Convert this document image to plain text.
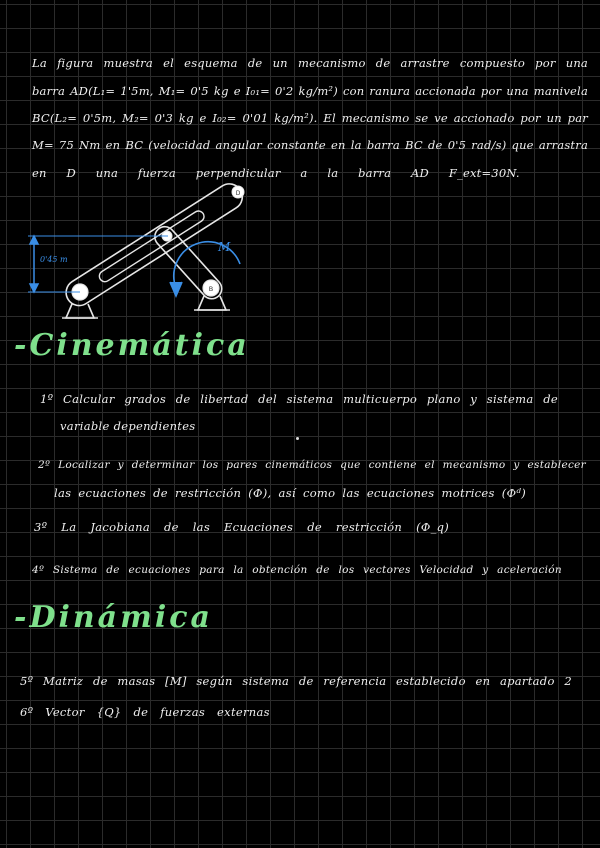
La figura muestra el esquema de un mecanismo de arrastre compuesto por una
barra AD(L₁= 1'5m, M₁= 0'5 kg e I₀₁= 0'2 kg/m²) con ranura accionada por una manivela
BC(L₂= 0'5m, M₂= 0'3 kg e I₀₂= 0'01 kg/m²). El mecanismo se ve accionado por un par
M= 75 Nm en BC (velocidad angular constante en la barra BC de 0'5 rad/s) que arrastra
en D una fuerza perpendicular a la barra AD F_ext=30N.
D
B
0'45 m
M
-Cinemática
1º Calcular grados de libertad del sistema multicuerpo plano y sistema de
variable dependientes
2º Localizar y determinar los pares cinemáticos que contiene el mecanismo y establecer
las ecuaciones de restricción (Φ), así como las ecuaciones motrices (Φᵈ)
3º La Jacobiana de las Ecuaciones de restricción (Φ_q)
4º Sistema de ecuaciones para la obtención de los vectores Velocidad y aceleración
-Dinámica
5º Matriz de masas [M] según sistema de referencia establecido en apartado 2
6º Vector {Q} de fuerzas externas
